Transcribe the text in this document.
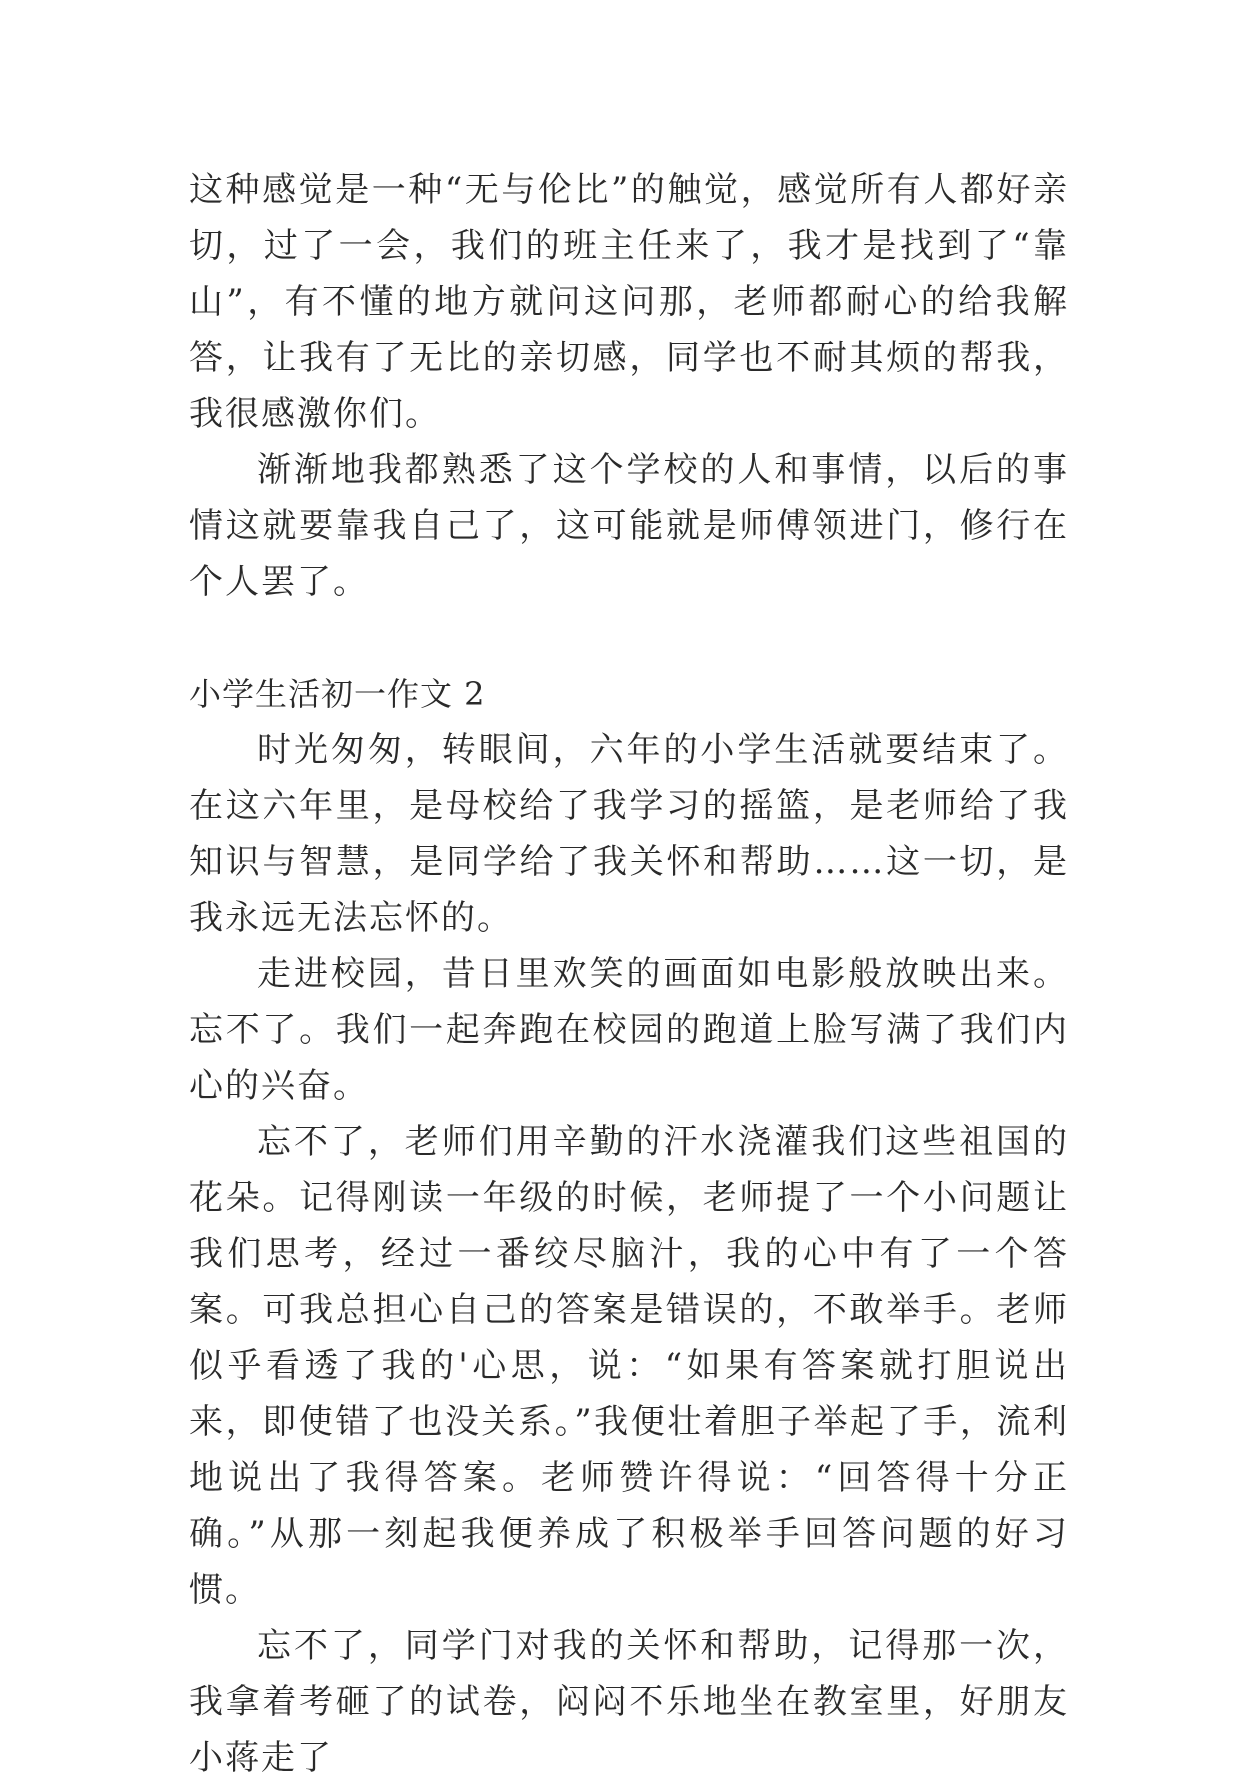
这种感觉是一种“无与伦比”的触觉，感觉所有人都好亲切，过了一会，我们的班主任来了，我才是找到了“靠山”，有不懂的地方就问这问那，老师都耐心的给我解答，让我有了无比的亲切感，同学也不耐其烦的帮我，我很感激你们。

渐渐地我都熟悉了这个学校的人和事情，以后的事情这就要靠我自己了，这可能就是师傅领进门，修行在个人罢了。

小学生活初一作文 2

时光匆匆，转眼间，六年的小学生活就要结束了。在这六年里，是母校给了我学习的摇篮，是老师给了我知识与智慧，是同学给了我关怀和帮助……这一切，是我永远无法忘怀的。

走进校园，昔日里欢笑的画面如电影般放映出来。忘不了。我们一起奔跑在校园的跑道上脸写满了我们内心的兴奋。

忘不了，老师们用辛勤的汗水浇灌我们这些祖国的花朵。记得刚读一年级的时候，老师提了一个小问题让我们思考，经过一番绞尽脑汁，我的心中有了一个答案。可我总担心自己的答案是错误的，不敢举手。老师似乎看透了我的'心思，说：“如果有答案就打胆说出来，即使错了也没关系。”我便壮着胆子举起了手，流利地说出了我得答案。老师赞许得说：“回答得十分正确。”从那一刻起我便养成了积极举手回答问题的好习惯。

忘不了，同学门对我的关怀和帮助，记得那一次，我拿着考砸了的试卷，闷闷不乐地坐在教室里，好朋友小蒋走了
